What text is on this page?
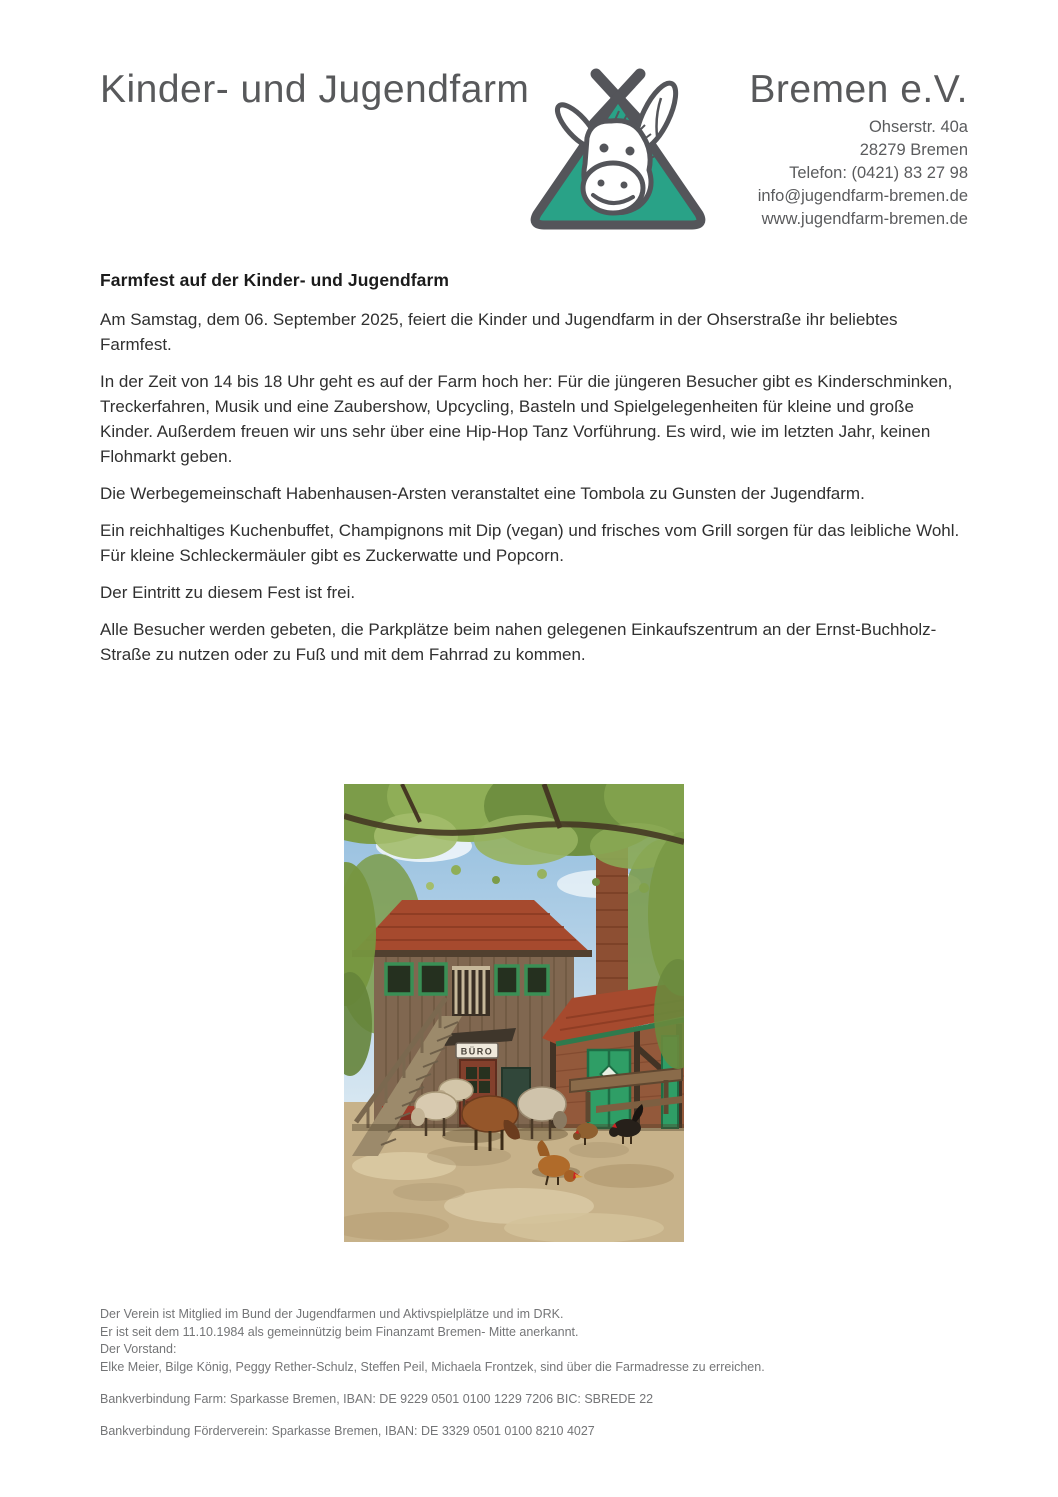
Kinder- und Jugendfarm	Bremen e.V.
Ohserstr. 40a
28279 Bremen
Telefon: (0421) 83 27 98
info@jugendfarm-bremen.de
www.jugendfarm-bremen.de
Farmfest auf der Kinder- und Jugendfarm

Am Samstag, dem 06. September 2025, feiert die Kinder und Jugendfarm in der Ohserstraße ihr beliebtes Farmfest.

In der Zeit von 14 bis 18 Uhr geht es auf der Farm hoch her: Für die jüngeren Besucher gibt es Kinderschminken, Treckerfahren, Musik und eine Zaubershow, Upcycling, Basteln und Spielgelegenheiten für kleine und große Kinder. Außerdem freuen wir uns sehr über eine Hip-Hop Tanz Vorführung. Es wird, wie im letzten Jahr, keinen Flohmarkt geben.

Die Werbegemeinschaft Habenhausen-Arsten veranstaltet eine Tombola zu Gunsten der Jugendfarm.

Ein reichhaltiges Kuchenbuffet, Champignons mit Dip (vegan) und frisches vom Grill sorgen für das leibliche Wohl. Für kleine Schleckermäuler gibt es Zuckerwatte und Popcorn.

Der Eintritt zu diesem Fest ist frei.

Alle Besucher werden gebeten, die Parkplätze beim nahen gelegenen Einkaufszentrum an der Ernst-Buchholz-Straße zu nutzen oder zu Fuß und mit dem Fahrrad zu kommen.

BÜRO
Der Verein ist Mitglied im Bund der Jugendfarmen und Aktivspielplätze und im DRK.
Er ist seit dem 11.10.1984 als gemeinnützig beim Finanzamt Bremen- Mitte anerkannt.
Der Vorstand:
Elke Meier, Bilge König, Peggy Rether-Schulz, Steffen Peil, Michaela Frontzek, sind über die Farmadresse zu erreichen.
Bankverbindung Farm: Sparkasse Bremen, IBAN: DE 9229 0501 0100 1229 7206 BIC: SBREDE 22
Bankverbindung Förderverein: Sparkasse Bremen, IBAN: DE 3329 0501 0100 8210 4027
